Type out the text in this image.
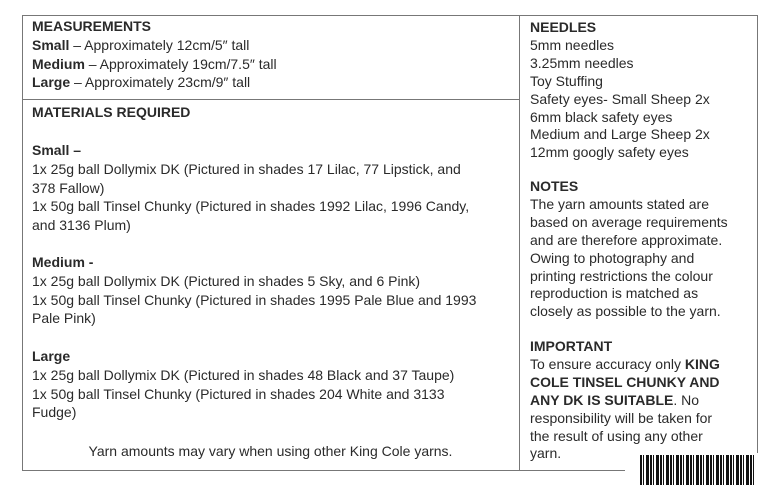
MEASUREMENTS
Small – Approximately 12cm/5″ tall
Medium – Approximately 19cm/7.5″ tall
Large – Approximately 23cm/9″ tall
MATERIALS REQUIRED
Small –
1x 25g ball Dollymix DK (Pictured in shades 17 Lilac, 77 Lipstick, and
378 Fallow)
1x 50g ball Tinsel Chunky (Pictured in shades 1992 Lilac, 1996 Candy,
and 3136 Plum)
Medium -
1x 25g ball Dollymix DK (Pictured in shades 5 Sky, and 6 Pink)
1x 50g ball Tinsel Chunky (Pictured in shades 1995 Pale Blue and 1993
Pale Pink)
Large
1x 25g ball Dollymix DK (Pictured in shades 48 Black and 37 Taupe)
1x 50g ball Tinsel Chunky (Pictured in shades 204 White and 3133
Fudge)
Yarn amounts may vary when using other King Cole yarns.
NEEDLES
5mm needles
3.25mm needles
Toy Stuffing
Safety eyes- Small Sheep 2x
6mm black safety eyes
Medium and Large Sheep 2x
12mm googly safety eyes
NOTES
The yarn amounts stated are
based on average requirements
and are therefore approximate.
Owing to photography and
printing restrictions the colour
reproduction is matched as
closely as possible to the yarn.
IMPORTANT
To ensure accuracy only KING
COLE TINSEL CHUNKY AND
ANY DK IS SUITABLE. No
responsibility will be taken for
the result of using any other
yarn.
